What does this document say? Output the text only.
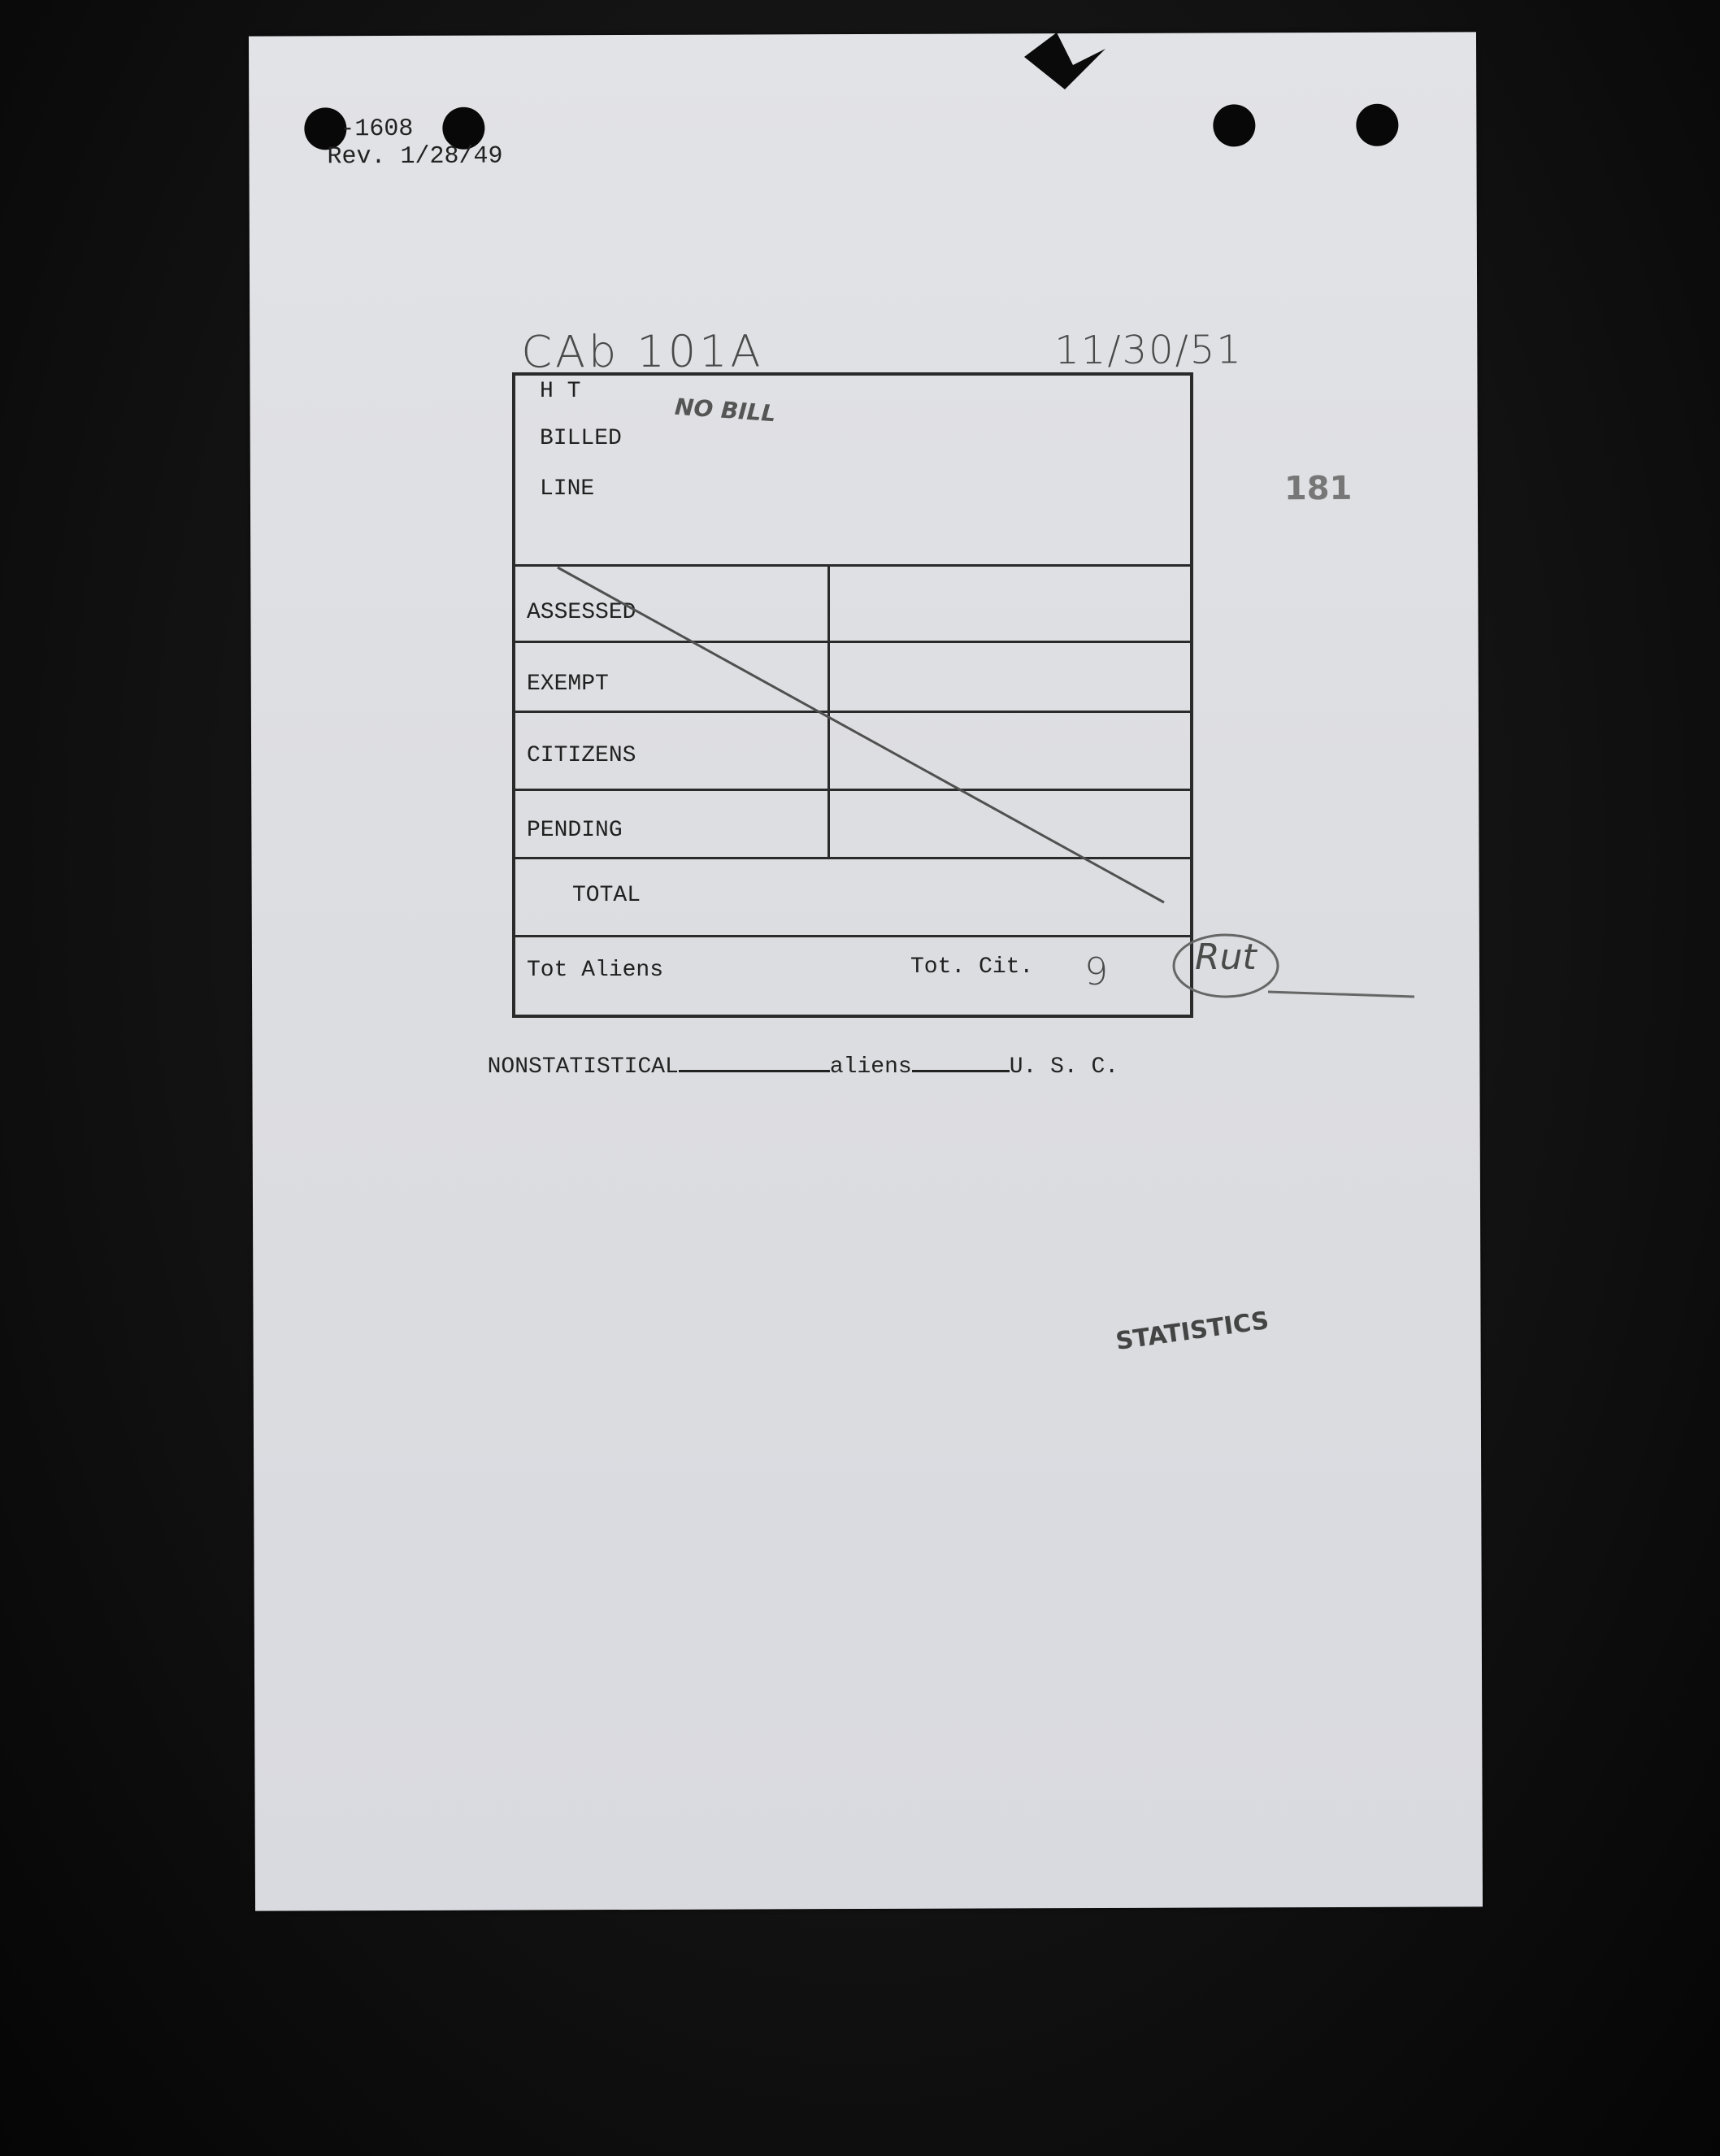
-1608
Rev. 1/28/49
CAb 101A	11/30/51
181
H T
BILLED
LINE
NO BILL
ASSESSED
EXEMPT
CITIZENS
PENDING
TOTAL
Tot Aliens	Tot. Cit. 9 Rut

NONSTATISTICAL	aliens	U. S. C.

STATISTICS
